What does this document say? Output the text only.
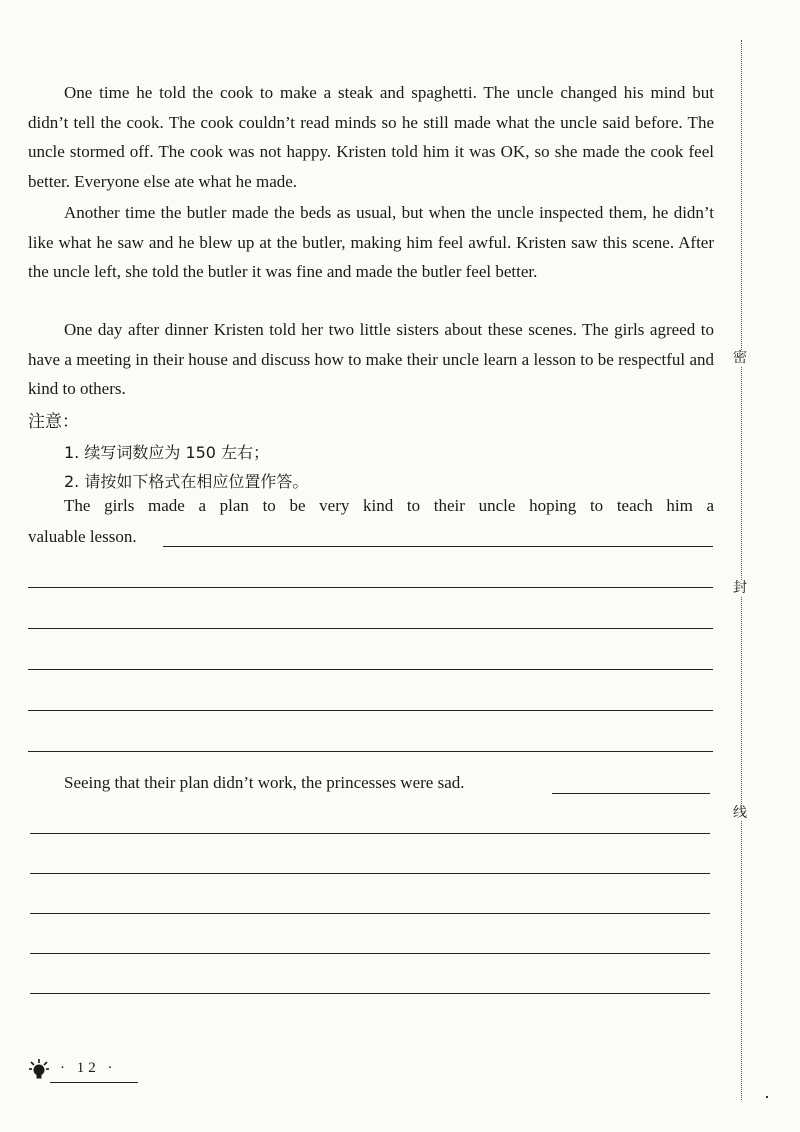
One time he told the cook to make a steak and spaghetti. The uncle changed his mind but didn’t tell the cook. The cook couldn’t read minds so he still made what the uncle said before. The uncle stormed off. The cook was not happy. Kristen told him it was OK, so she made the cook feel better. Everyone else ate what he made.

Another time the butler made the beds as usual, but when the uncle inspected them, he didn’t like what he saw and he blew up at the butler, making him feel awful. Kristen saw this scene. After the uncle left, she told the butler it was fine and made the butler feel better.

One day after dinner Kristen told her two little sisters about these scenes. The girls agreed to have a meeting in their house and discuss how to make their uncle learn a lesson to be respectful and kind to others.

注意：

1. 续写词数应为 150 左右；

2. 请按如下格式在相应位置作答。

The girls made a plan to be very kind to their uncle hoping to teach him a

valuable lesson.

Seeing that their plan didn’t work, the princesses were sad.

密
封
线
· 12 ·
